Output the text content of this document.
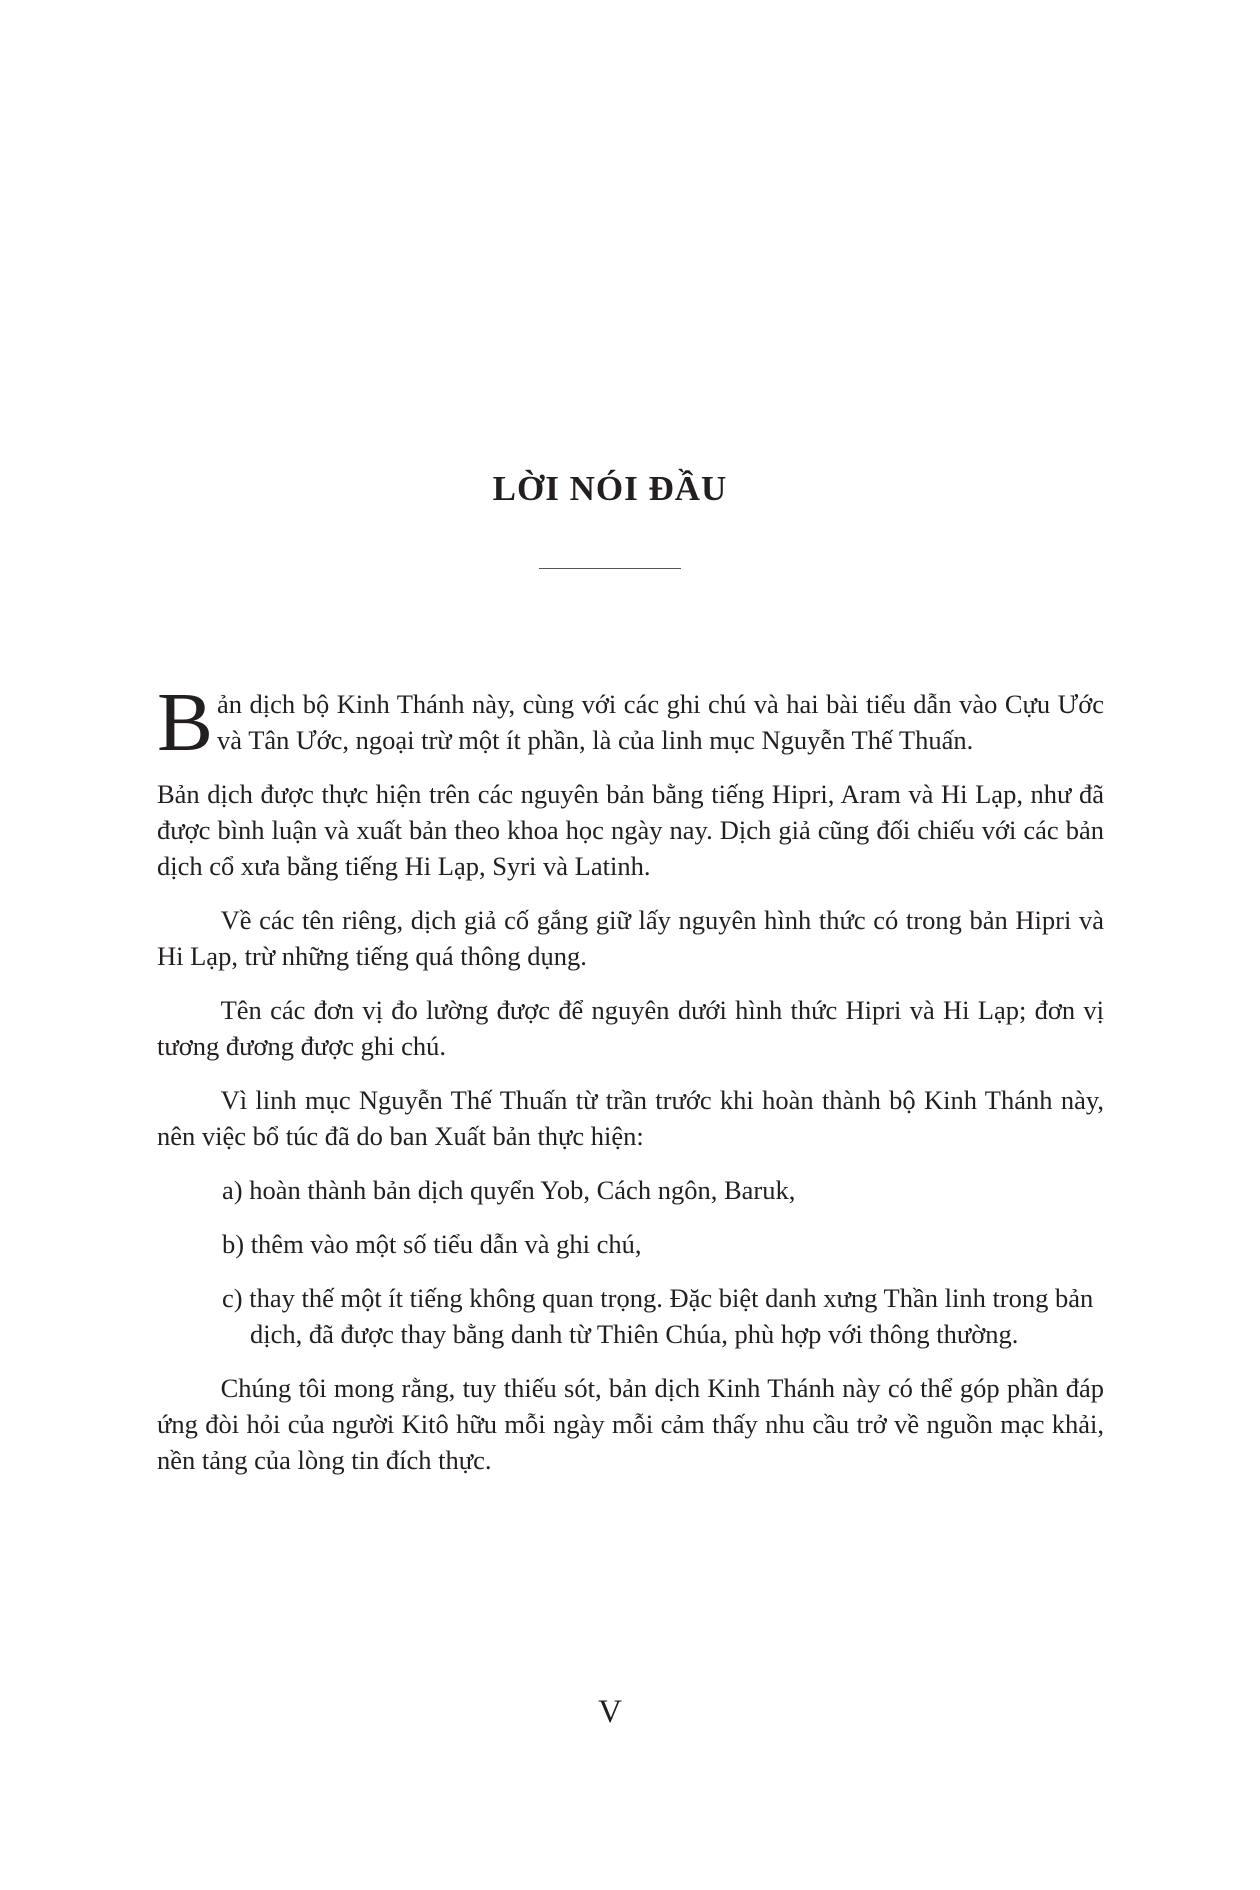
LỜI NÓI ĐẦU

Bản dịch bộ Kinh Thánh này, cùng với các ghi chú và hai bài tiểu dẫn vào Cựu Ước và Tân Ước, ngoại trừ một ít phần, là của linh mục Nguyễn Thế Thuấn.

Bản dịch được thực hiện trên các nguyên bản bằng tiếng Hipri, Aram và Hi Lạp, như đã được bình luận và xuất bản theo khoa học ngày nay. Dịch giả cũng đối chiếu với các bản dịch cổ xưa bằng tiếng Hi Lạp, Syri và Latinh.

Về các tên riêng, dịch giả cố gắng giữ lấy nguyên hình thức có trong bản Hipri và Hi Lạp, trừ những tiếng quá thông dụng.

Tên các đơn vị đo lường được để nguyên dưới hình thức Hipri và Hi Lạp; đơn vị tương đương được ghi chú.

Vì linh mục Nguyễn Thế Thuấn từ trần trước khi hoàn thành bộ Kinh Thánh này, nên việc bổ túc đã do ban Xuất bản thực hiện:

a) hoàn thành bản dịch quyển Yob, Cách ngôn, Baruk,
b) thêm vào một số tiểu dẫn và ghi chú,
c) thay thế một ít tiếng không quan trọng. Đặc biệt danh xưng Thần linh trong bản dịch, đã được thay bằng danh từ Thiên Chúa, phù hợp với thông thường.

Chúng tôi mong rằng, tuy thiếu sót, bản dịch Kinh Thánh này có thể góp phần đáp ứng đòi hỏi của người Kitô hữu mỗi ngày mỗi cảm thấy nhu cầu trở về nguồn mạc khải, nền tảng của lòng tin đích thực.

V
